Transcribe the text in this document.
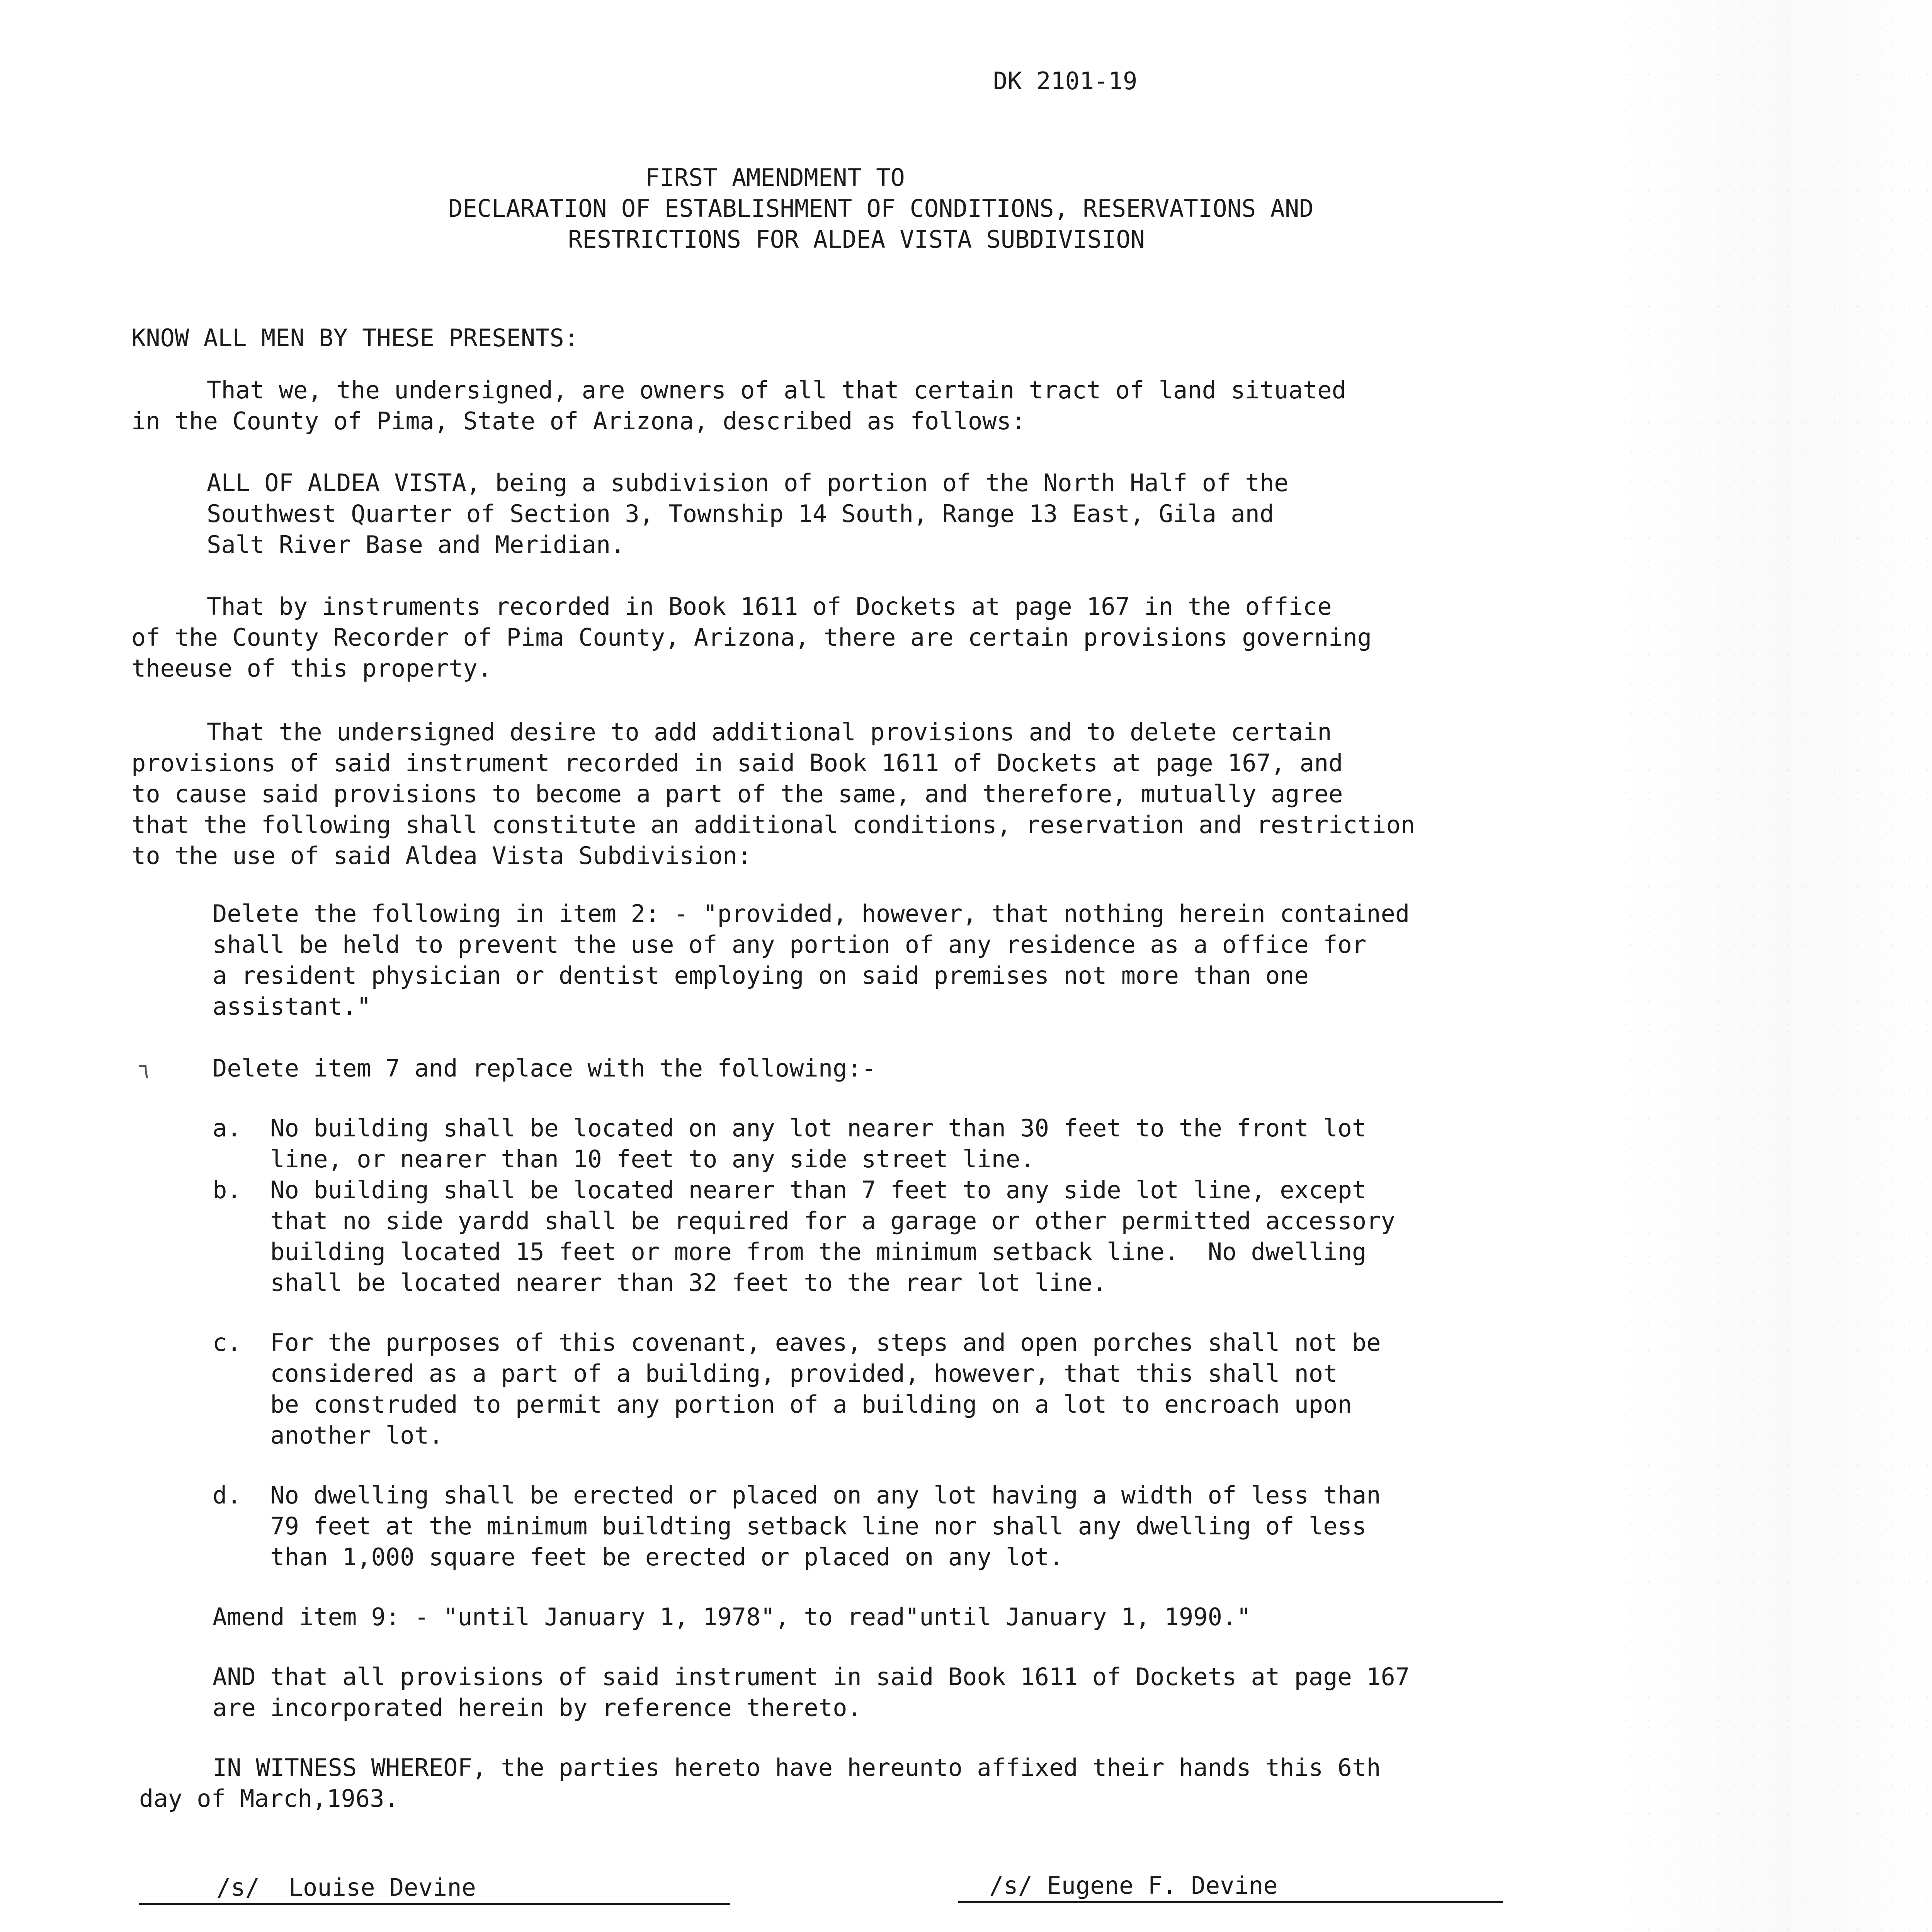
DK 2101-19
FIRST AMENDMENT TO
DECLARATION OF ESTABLISHMENT OF CONDITIONS, RESERVATIONS AND
RESTRICTIONS FOR ALDEA VISTA SUBDIVISION
KNOW ALL MEN BY THESE PRESENTS:
That we, the undersigned, are owners of all that certain tract of land situated
in the County of Pima, State of Arizona, described as follows:
ALL OF ALDEA VISTA, being a subdivision of portion of the North Half of the
Southwest Quarter of Section 3, Township 14 South, Range 13 East, Gila and
Salt River Base and Meridian.
That by instruments recorded in Book 1611 of Dockets at page 167 in the office
of the County Recorder of Pima County, Arizona, there are certain provisions governing
theeuse of this property.
That the undersigned desire to add additional provisions and to delete certain
provisions of said instrument recorded in said Book 1611 of Dockets at page 167, and
to cause said provisions to become a part of the same, and therefore, mutually agree
that the following shall constitute an additional conditions, reservation and restriction
to the use of said Aldea Vista Subdivision:
Delete the following in item 2: - "provided, however, that nothing herein contained
shall be held to prevent the use of any portion of any residence as a office for
a resident physician or dentist employing on said premises not more than one
assistant."
٦	Delete item 7 and replace with the following:-
a.  No building shall be located on any lot nearer than 30 feet to the front lot
line, or nearer than 10 feet to any side street line.
b.  No building shall be located nearer than 7 feet to any side lot line, except
that no side yardd shall be required for a garage or other permitted accessory
building located 15 feet or more from the minimum setback line.  No dwelling
shall be located nearer than 32 feet to the rear lot line.
c.  For the purposes of this covenant, eaves, steps and open porches shall not be
considered as a part of a building, provided, however, that this shall not
be construded to permit any portion of a building on a lot to encroach upon
another lot.
d.  No dwelling shall be erected or placed on any lot having a width of less than
79 feet at the minimum buildting setback line nor shall any dwelling of less
than 1,000 square feet be erected or placed on any lot.
Amend item 9: - "until January 1, 1978", to read"until January 1, 1990."
AND that all provisions of said instrument in said Book 1611 of Dockets at page 167
are incorporated herein by reference thereto.
IN WITNESS WHEREOF, the parties hereto have hereunto affixed their hands this 6th
day of March,1963.
/s/  Louise Devine	/s/ Eugene F. Devine
